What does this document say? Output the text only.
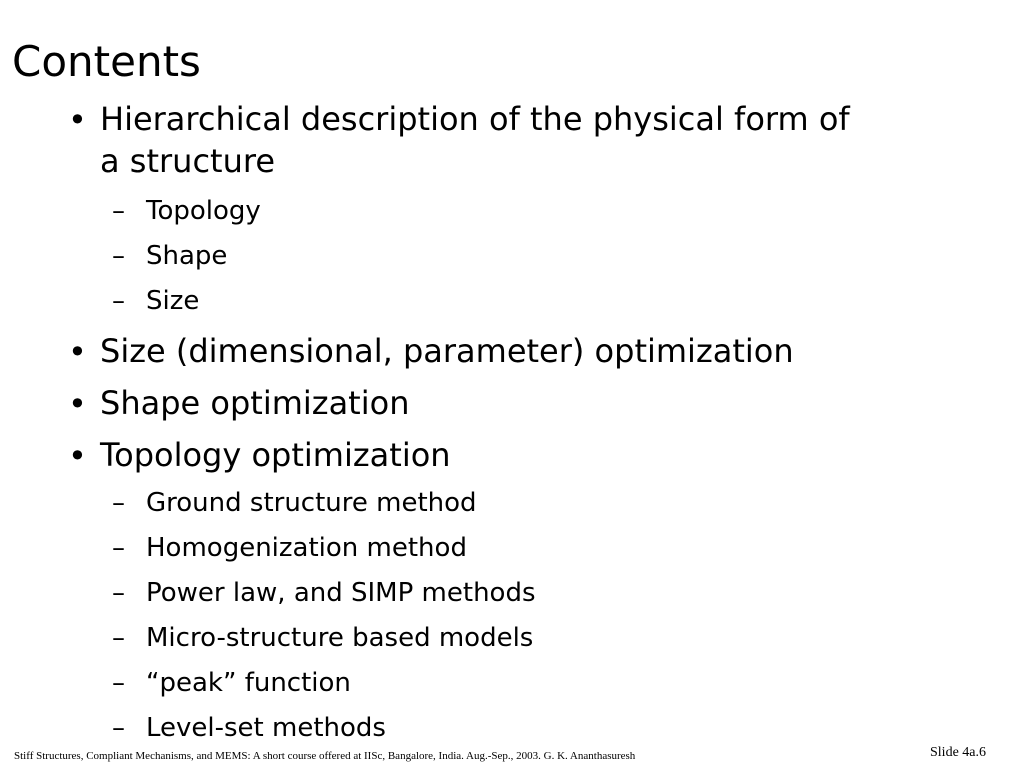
Contents
• Hierarchical description of the physical form of a structure
– Topology
– Shape
– Size
• Size (dimensional, parameter) optimization
• Shape optimization
• Topology optimization
– Ground structure method
– Homogenization method
– Power law, and SIMP methods
– Micro-structure based models
– “peak” function
– Level-set methods
Stiff Structures, Compliant Mechanisms, and MEMS: A short course offered at IISc, Bangalore, India. Aug.-Sep., 2003. G. K. Ananthasuresh	Slide 4a.6
